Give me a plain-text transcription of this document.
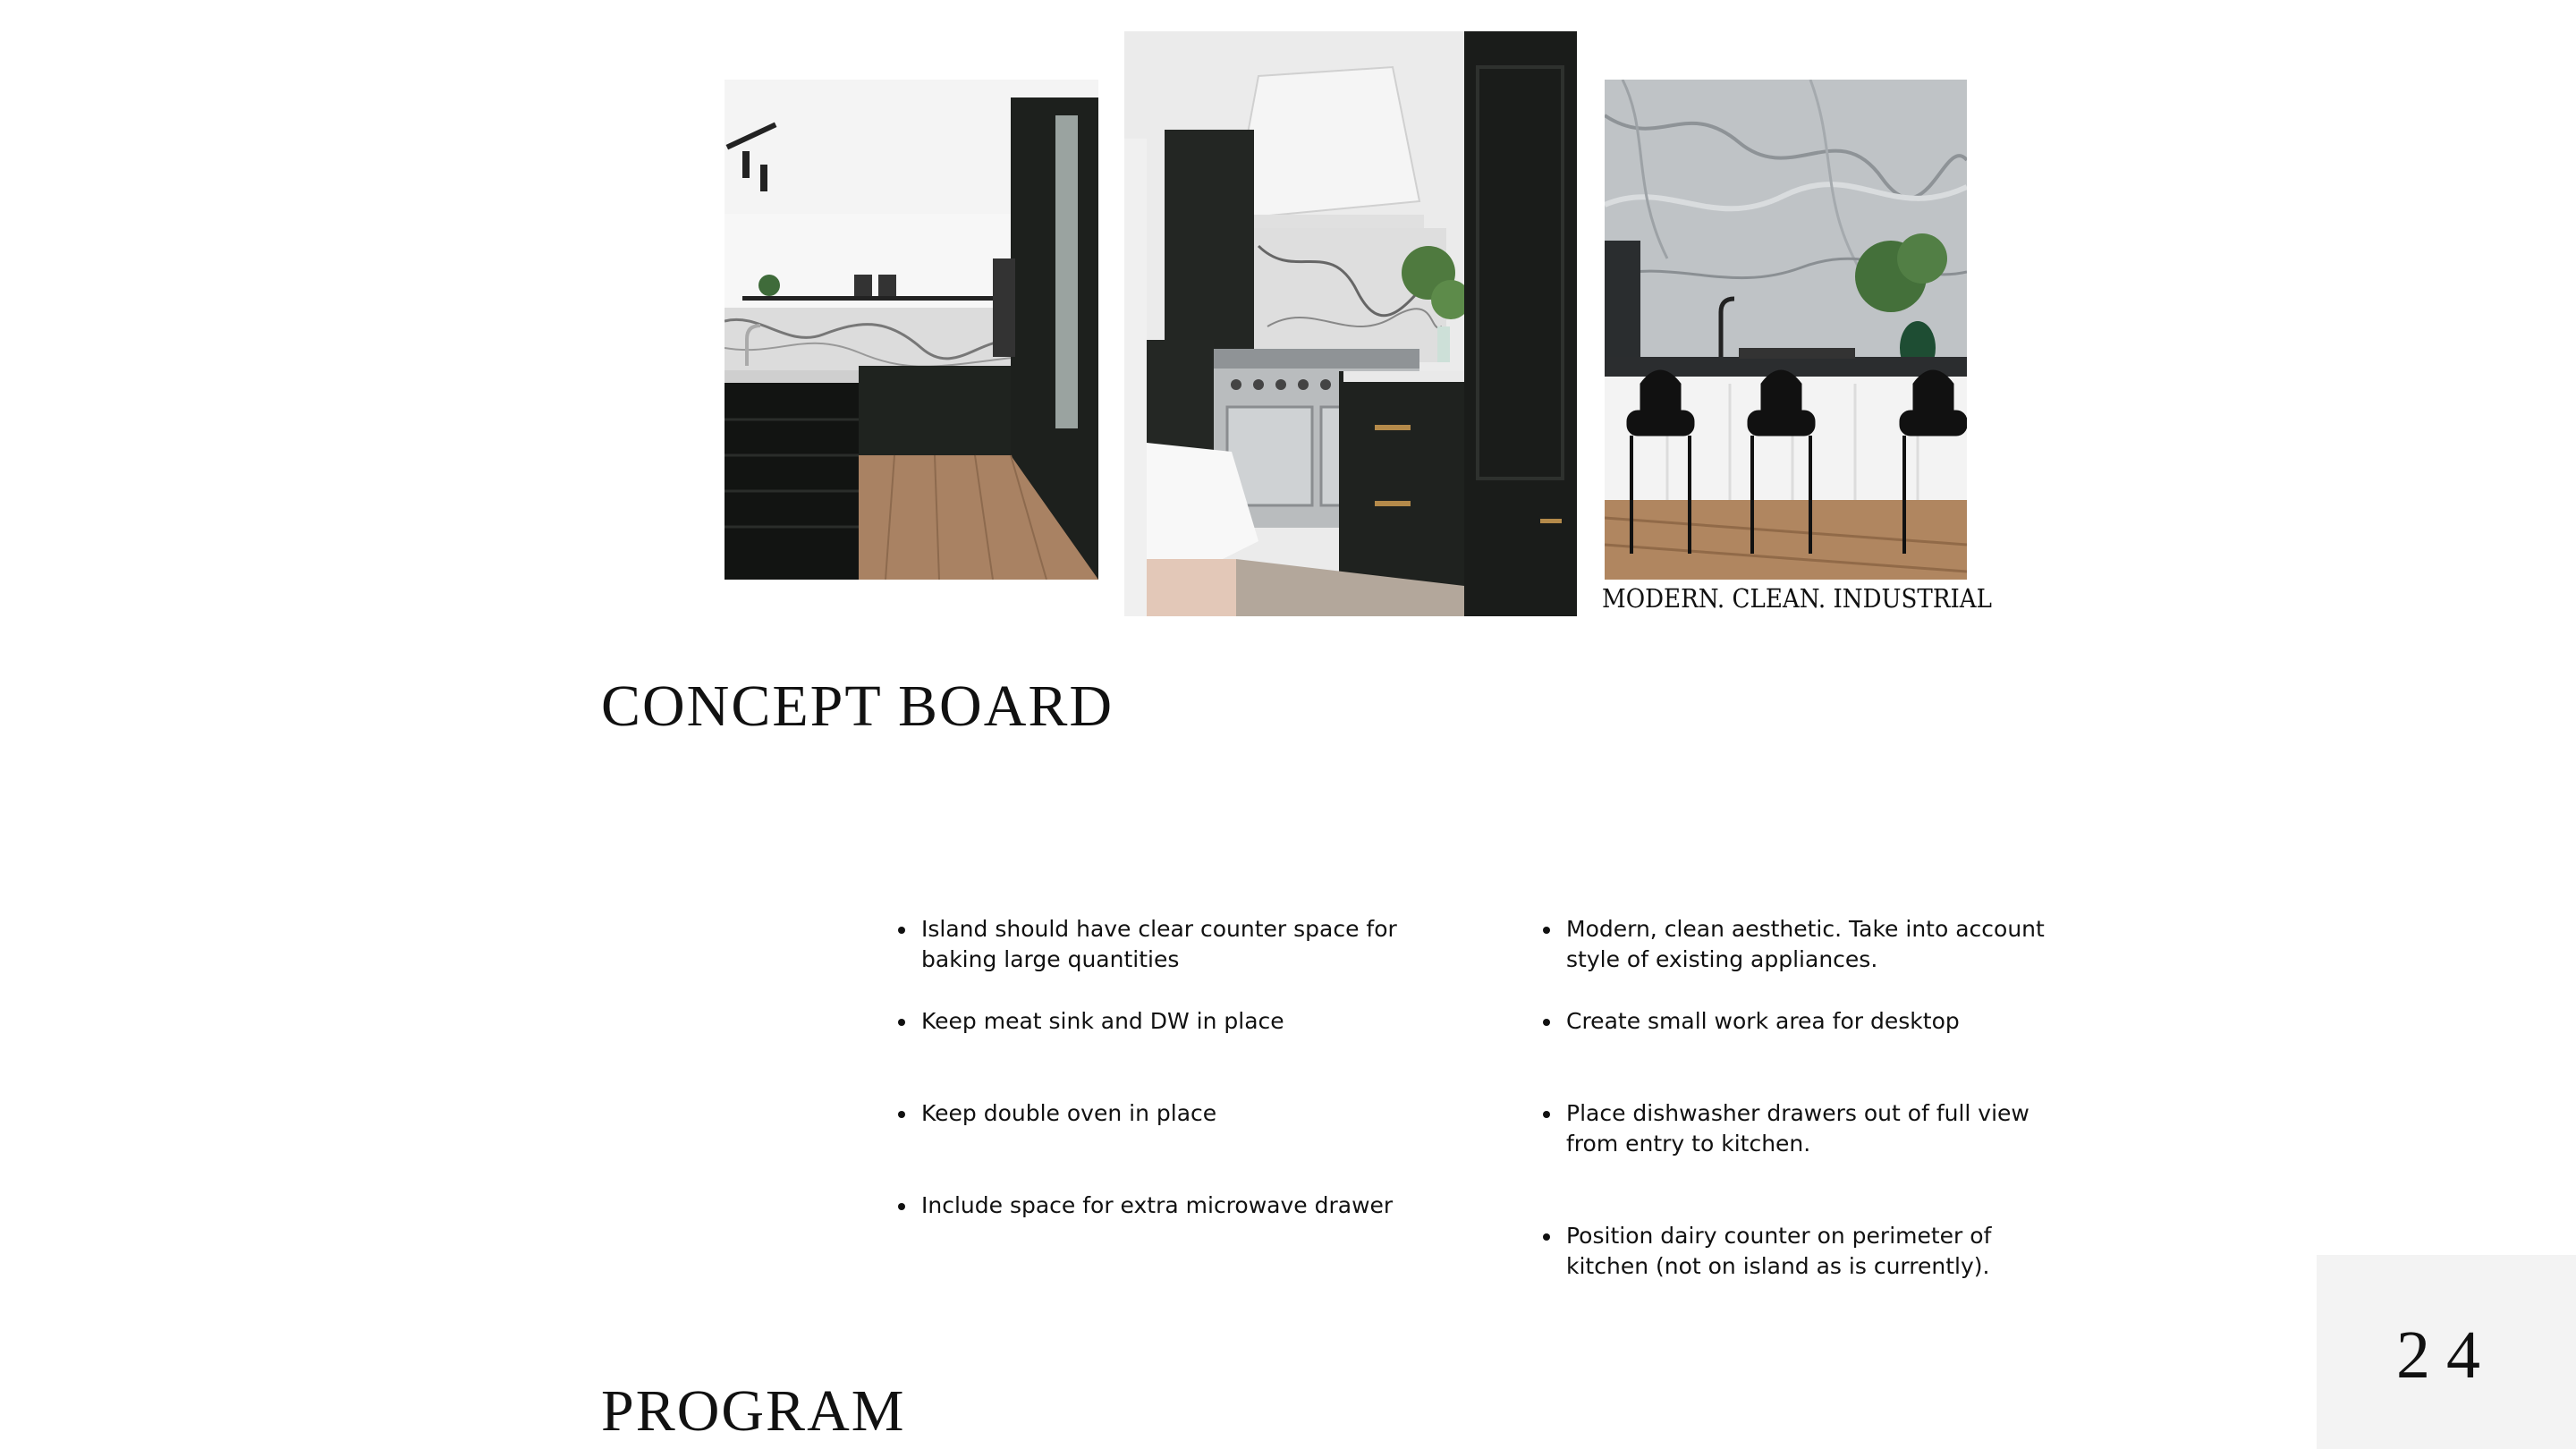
MODERN. CLEAN. INDUSTRIAL
CONCEPT BOARD
Island should have clear counter space for baking large quantities
Keep meat sink and DW in place
Keep double oven in place
Include space for extra microwave drawer
Modern, clean aesthetic. Take into account style of existing appliances.
Create small work area for desktop
Place dishwasher drawers out of full view from entry to kitchen.
Position dairy counter on perimeter of kitchen (not on island as is currently).
PROGRAM
24
